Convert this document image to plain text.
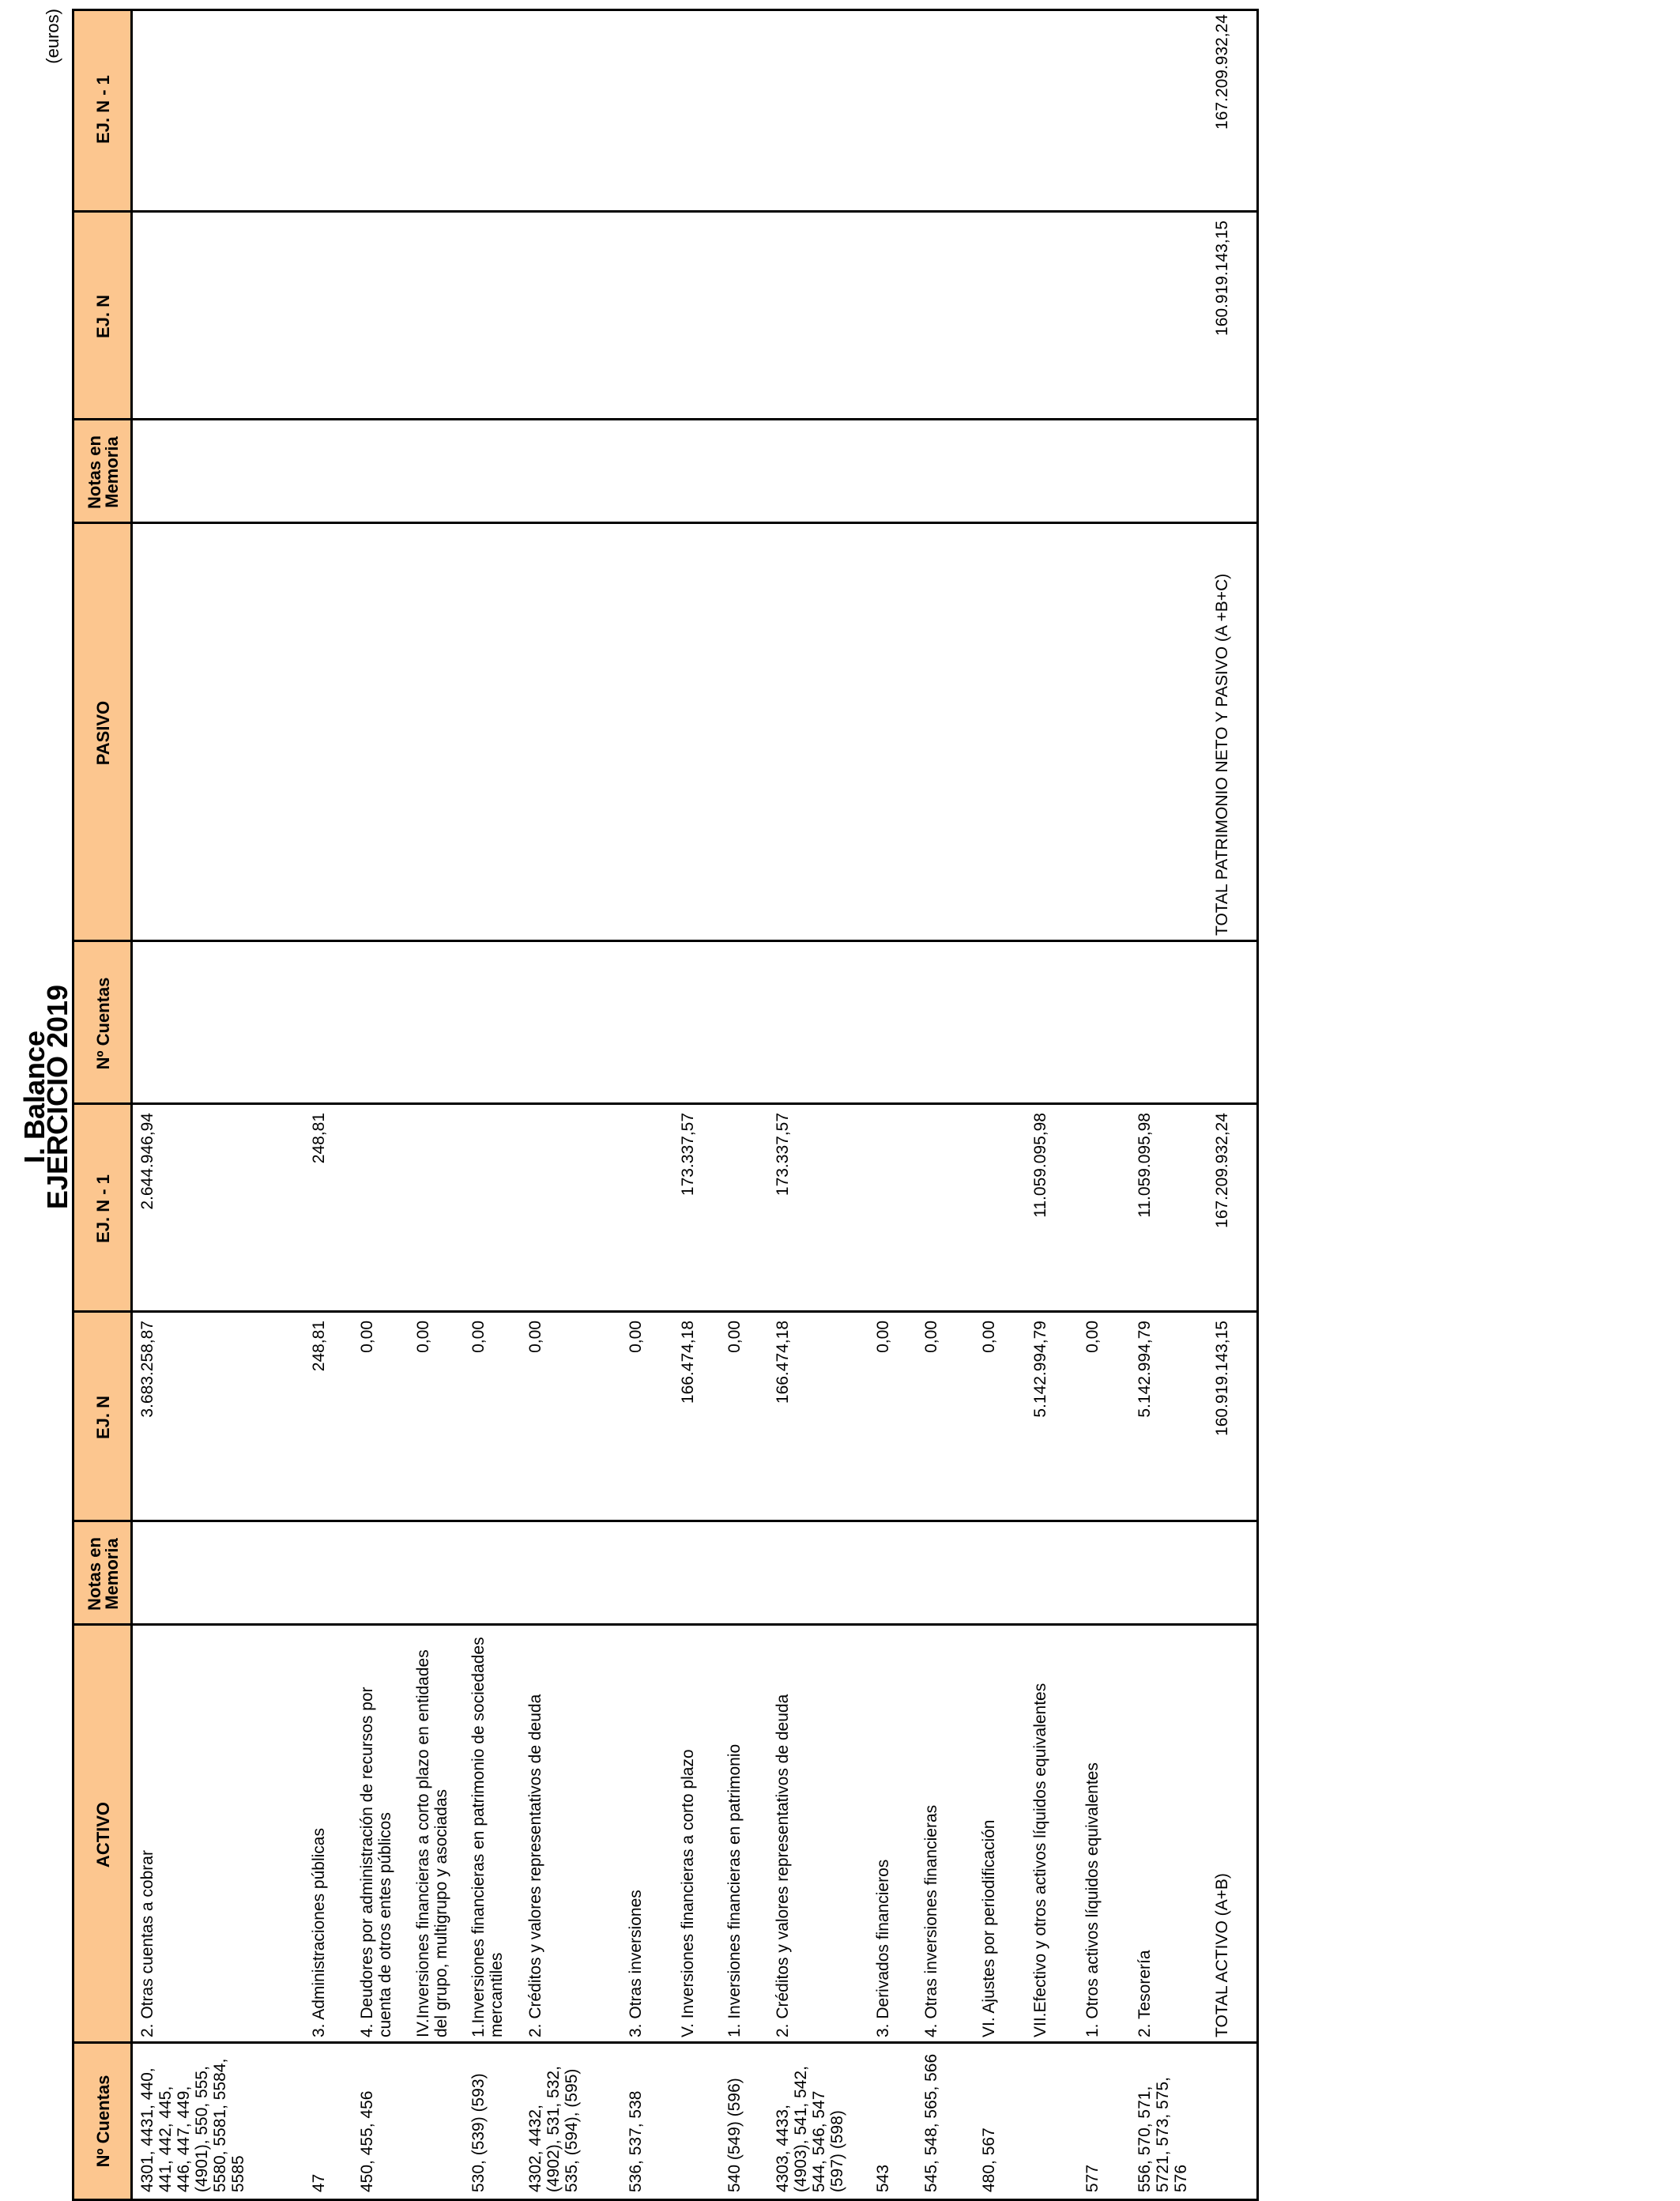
I. Balance
EJERCICIO 2019
(euros)
Nº Cuentas
ACTIVO
Notas en Memoria
EJ. N
EJ. N - 1
Nº Cuentas
PASIVO
Notas en Memoria
EJ. N
EJ. N - 1
4301, 4431, 440, 441, 442, 445, 446, 447, 449, (4901), 550, 555, 5580, 5581, 5584, 5585
2. Otras cuentas a cobrar
3.683.258,87
2.644.946,94
47
3. Administraciones públicas
248,81
248,81
450, 455, 456
4. Deudores por administración de recursos por cuenta de otros entes públicos
0,00
IV.Inversiones financieras a corto plazo en entidades del grupo, multigrupo y asociadas
0,00
530, (539) (593)
1.Inversiones financieras en patrimonio de sociedades mercantiles
0,00
4302, 4432, (4902), 531, 532, 535, (594), (595)
2. Créditos y valores representativos de deuda
0,00
536, 537, 538
3. Otras inversiones
0,00
V. Inversiones financieras a corto plazo
166.474,18
173.337,57
540 (549) (596)
1. Inversiones financieras en patrimonio
0,00
4303, 4433, (4903), 541, 542, 544, 546, 547 (597) (598)
2. Créditos y valores representativos de deuda
166.474,18
173.337,57
543
3. Derivados financieros
0,00
545, 548, 565, 566
4. Otras inversiones financieras
0,00
480, 567
VI. Ajustes por periodificación
0,00
VII.Efectivo y otros activos líquidos equivalentes
5.142.994,79
11.059.095,98
577
1. Otros activos líquidos equivalentes
0,00
556, 570, 571, 5721, 573, 575, 576
2. Tesorería
5.142.994,79
11.059.095,98
TOTAL ACTIVO (A+B)
160.919.143,15
167.209.932,24
TOTAL PATRIMONIO NETO Y PASIVO (A +B+C)
160.919.143,15
167.209.932,24
